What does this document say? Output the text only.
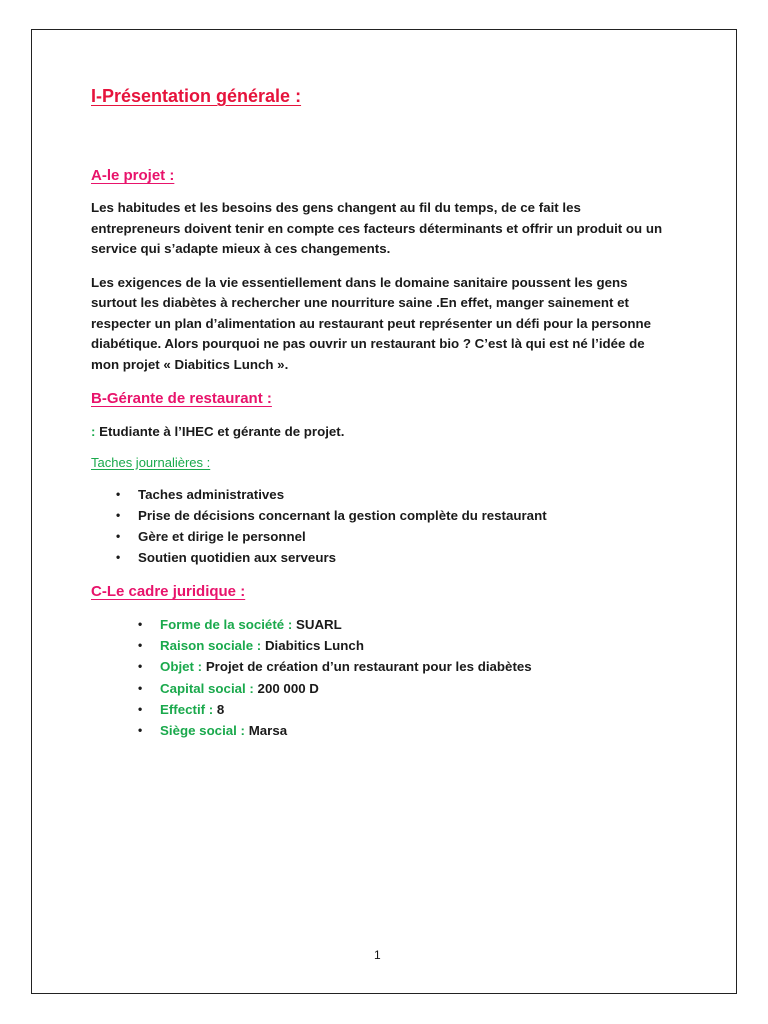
I-Présentation générale :
A-le projet :

Les habitudes et les besoins des gens changent au fil du temps, de ce fait les entrepreneurs doivent tenir en compte ces facteurs déterminants et offrir un produit ou un service qui s’adapte mieux à ces changements.

Les exigences de la vie essentiellement dans le domaine sanitaire poussent les gens surtout les diabètes à rechercher une nourriture saine .En effet, manger sainement et respecter un plan d’alimentation au restaurant peut représenter un défi pour la personne diabétique. Alors pourquoi ne pas ouvrir un restaurant bio ? C’est là qui est né l’idée de mon projet « Diabitics Lunch ».

B-Gérante de restaurant :

: Etudiante à l’IHEC et gérante de projet.

Taches journalières :

• Taches administratives
• Prise de décisions concernant la gestion complète du restaurant
• Gère et dirige le personnel
• Soutien quotidien aux serveurs
C-Le cadre juridique :
• Forme de la société : SUARL
• Raison sociale : Diabitics Lunch
• Objet : Projet de création d’un restaurant pour les diabètes
• Capital social : 200 000 D
• Effectif : 8
• Siège social : Marsa
1
